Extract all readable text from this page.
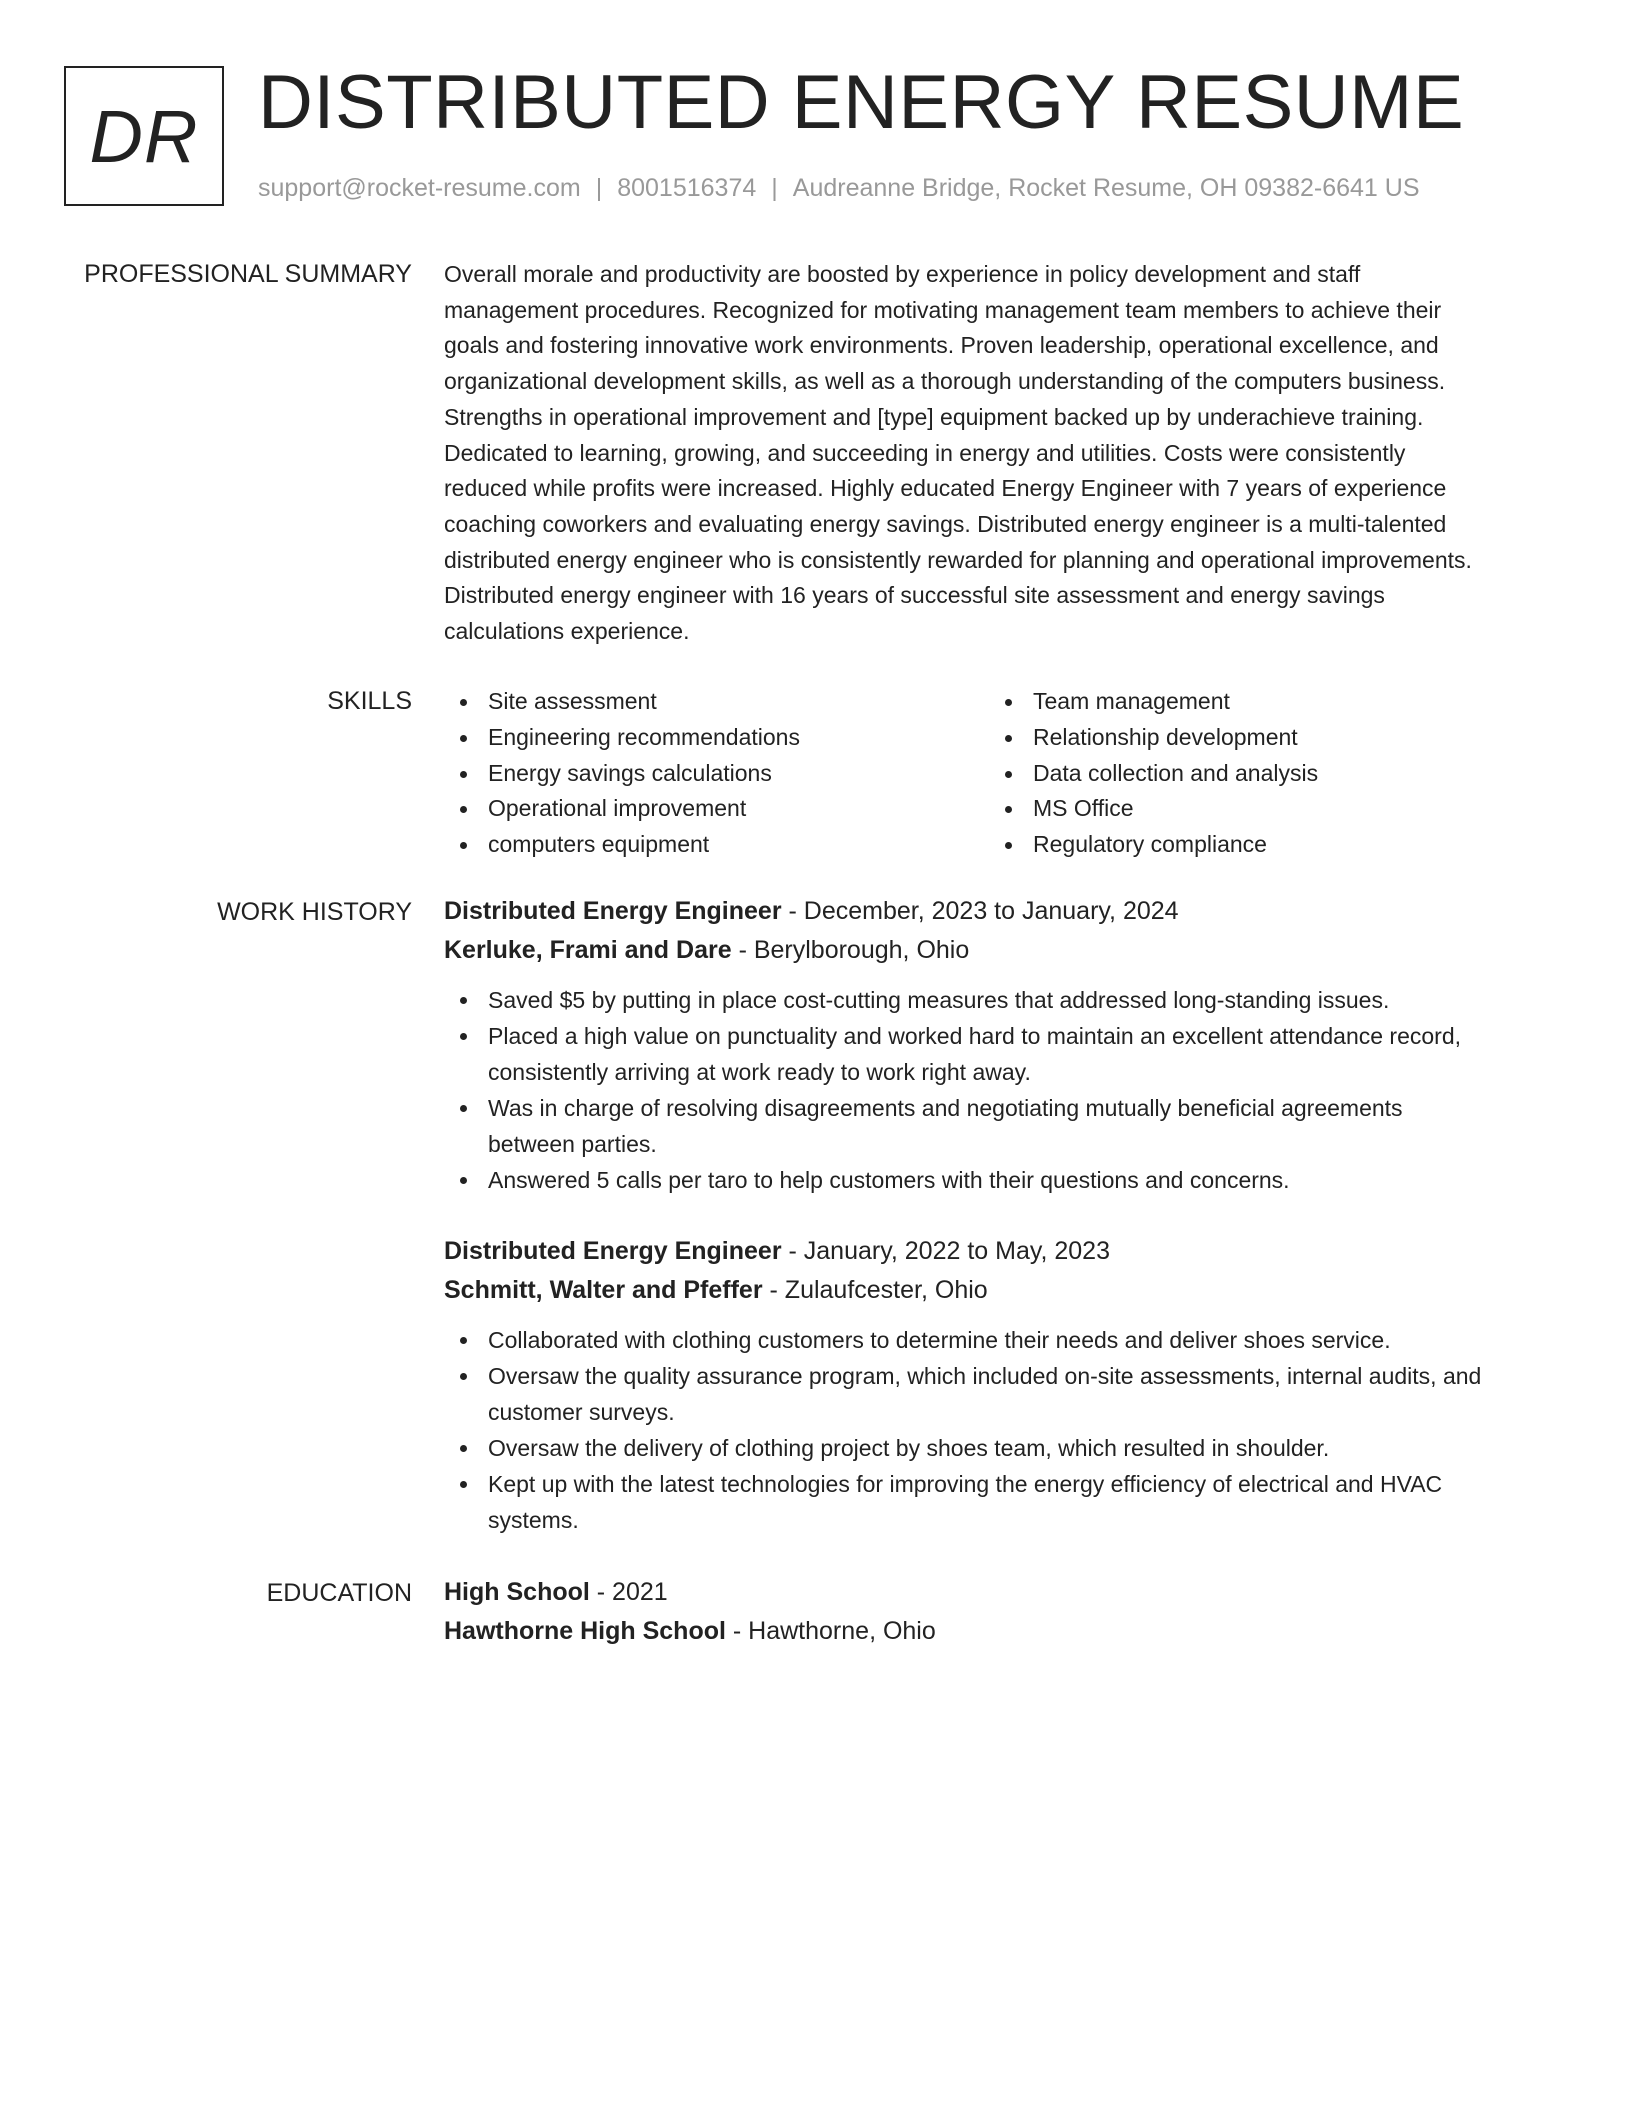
DR DISTRIBUTED ENERGY RESUME
support@rocket-resume.com | 8001516374 | Audreanne Bridge, Rocket Resume, OH 09382-6641 US
PROFESSIONAL SUMMARY Overall morale and productivity are boosted by experience in policy development and staff
management procedures. Recognized for motivating management team members to achieve their
goals and fostering innovative work environments. Proven leadership, operational excellence, and
organizational development skills, as well as a thorough understanding of the computers business.
Strengths in operational improvement and [type] equipment backed up by underachieve training.
Dedicated to learning, growing, and succeeding in energy and utilities. Costs were consistently
reduced while profits were increased. Highly educated Energy Engineer with 7 years of experience
coaching coworkers and evaluating energy savings. Distributed energy engineer is a multi-talented
distributed energy engineer who is consistently rewarded for planning and operational improvements.
Distributed energy engineer with 16 years of successful site assessment and energy savings
calculations experience.
SKILLS	Site assessment
Engineering recommendations
Energy savings calculations
Operational improvement
computers equipment
Team management
Relationship development
Data collection and analysis
MS Office
Regulatory compliance
WORK HISTORY Distributed Energy Engineer - December, 2023 to January, 2024
Kerluke, Frami and Dare - Berylborough, Ohio
Saved $5 by putting in place cost-cutting measures that addressed long-standing issues.
Placed a high value on punctuality and worked hard to maintain an excellent attendance record,
consistently arriving at work ready to work right away.
Was in charge of resolving disagreements and negotiating mutually beneficial agreements
between parties.
Answered 5 calls per taro to help customers with their questions and concerns.
Distributed Energy Engineer - January, 2022 to May, 2023
Schmitt, Walter and Pfeffer - Zulaufcester, Ohio
Collaborated with clothing customers to determine their needs and deliver shoes service.
Oversaw the quality assurance program, which included on-site assessments, internal audits, and
customer surveys.
Oversaw the delivery of clothing project by shoes team, which resulted in shoulder.
Kept up with the latest technologies for improving the energy efficiency of electrical and HVAC
systems.
EDUCATION High School - 2021
Hawthorne High School - Hawthorne, Ohio
